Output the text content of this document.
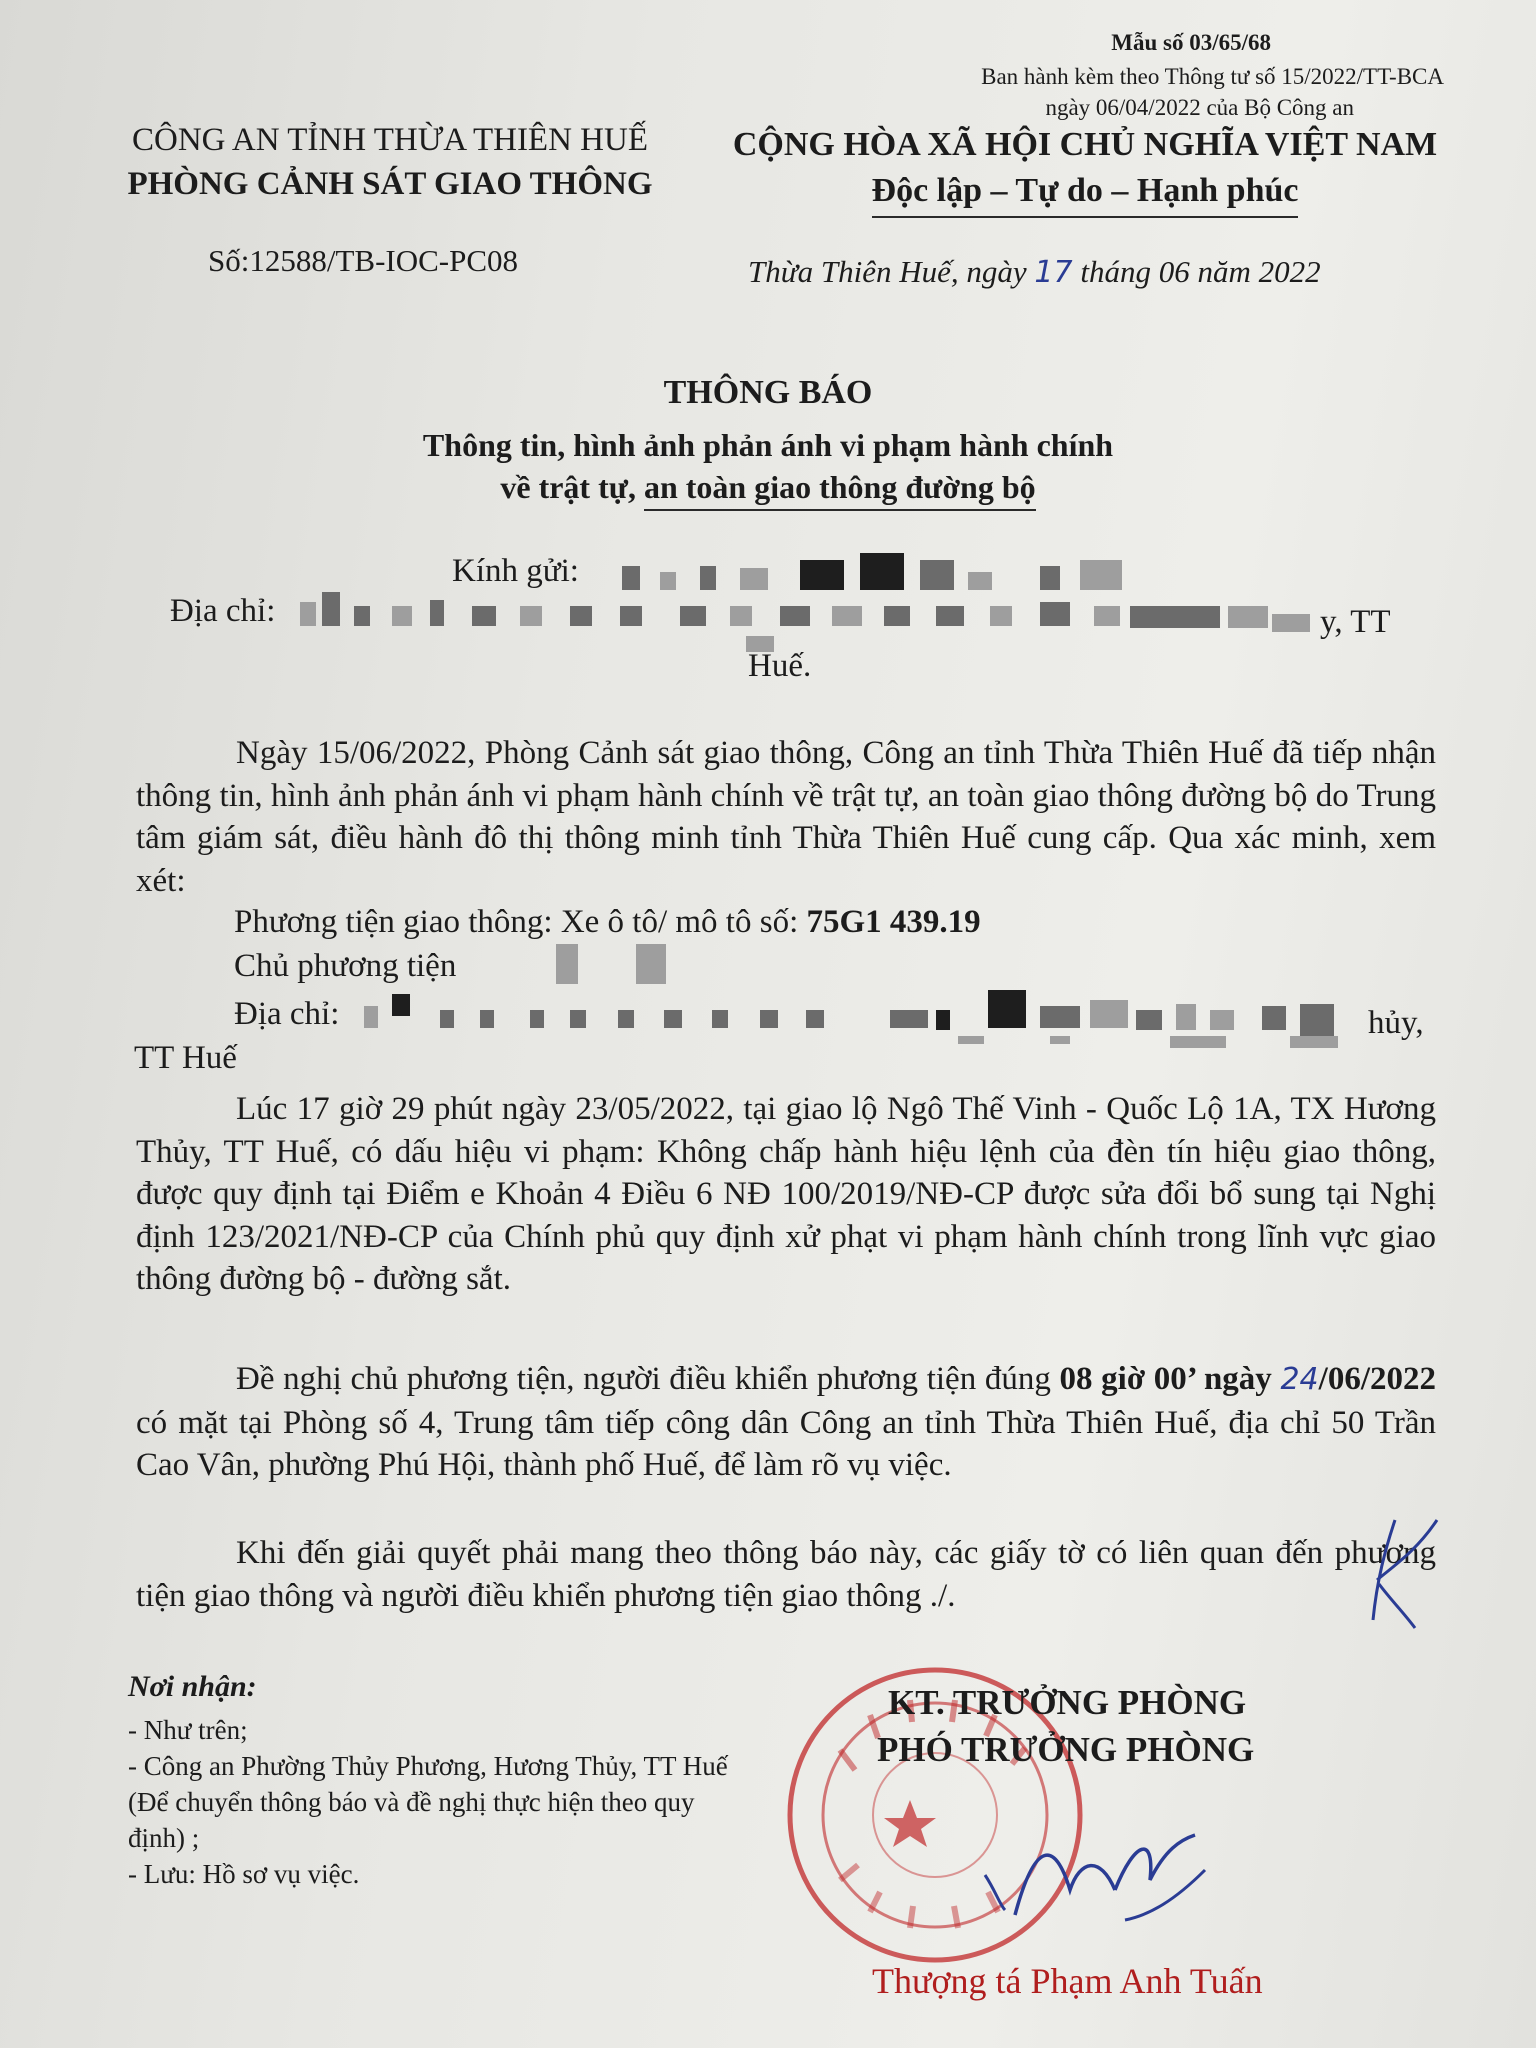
Mẫu số 03/65/68
Ban hành kèm theo Thông tư số 15/2022/TT-BCA
ngày 06/04/2022 của Bộ Công an
CÔNG AN TỈNH THỪA THIÊN HUẾ
PHÒNG CẢNH SÁT GIAO THÔNG
Số:12588/TB-IOC-PC08
CỘNG HÒA XÃ HỘI CHỦ NGHĨA VIỆT NAM
Độc lập – Tự do – Hạnh phúc
Thừa Thiên Huế, ngày 17 tháng 06 năm 2022
THÔNG BÁO
Thông tin, hình ảnh phản ánh vi phạm hành chính
về trật tự, an toàn giao thông đường bộ
Kính gửi:
Địa chỉ:	y, TT
Huế.
Ngày 15/06/2022, Phòng Cảnh sát giao thông, Công an tỉnh Thừa Thiên Huế đã tiếp nhận thông tin, hình ảnh phản ánh vi phạm hành chính về trật tự, an toàn giao thông đường bộ do Trung tâm giám sát, điều hành đô thị thông minh tỉnh Thừa Thiên Huế cung cấp. Qua xác minh, xem xét:
Phương tiện giao thông: Xe ô tô/ mô tô số: 75G1 439.19
Chủ phương tiện
Địa chỉ:	hủy,
TT Huế
Lúc 17 giờ 29 phút ngày 23/05/2022, tại giao lộ Ngô Thế Vinh - Quốc Lộ 1A, TX Hương Thủy, TT Huế, có dấu hiệu vi phạm: Không chấp hành hiệu lệnh của đèn tín hiệu giao thông, được quy định tại Điểm e Khoản 4 Điều 6 NĐ 100/2019/NĐ-CP được sửa đổi bổ sung tại Nghị định 123/2021/NĐ-CP của Chính phủ quy định xử phạt vi phạm hành chính trong lĩnh vực giao thông đường bộ - đường sắt.
Đề nghị chủ phương tiện, người điều khiển phương tiện đúng 08 giờ 00’ ngày 24/06/2022 có mặt tại Phòng số 4, Trung tâm tiếp công dân Công an tỉnh Thừa Thiên Huế, địa chỉ 50 Trần Cao Vân, phường Phú Hội, thành phố Huế, để làm rõ vụ việc.
Khi đến giải quyết phải mang theo thông báo này, các giấy tờ có liên quan đến phương tiện giao thông và người điều khiển phương tiện giao thông ./.
Nơi nhận:
- Như trên;
- Công an Phường Thủy Phương, Hương Thủy, TT Huế (Để chuyển thông báo và đề nghị thực hiện theo quy định) ;
- Lưu: Hồ sơ vụ việc.
KT. TRƯỞNG PHÒNG
PHÓ TRƯỞNG PHÒNG
Thượng tá Phạm Anh Tuấn
